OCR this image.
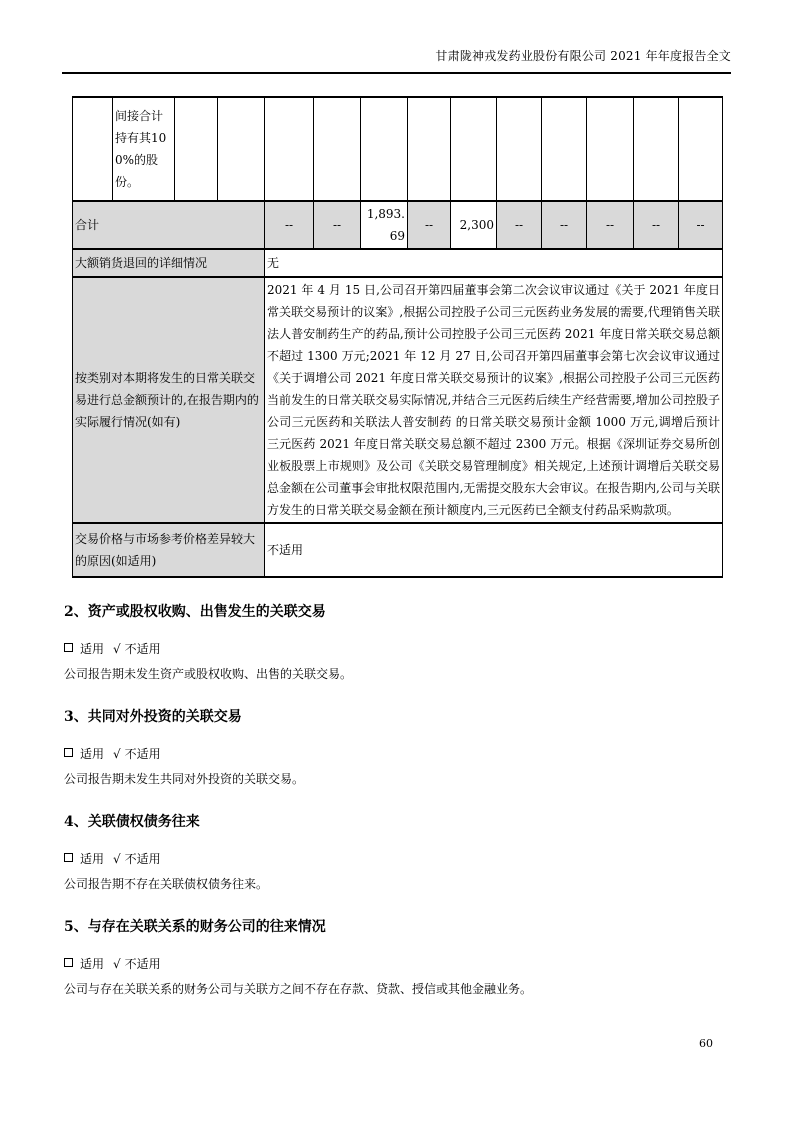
甘肃陇神戎发药业股份有限公司 2021 年年度报告全文
	间接合计持有其100%的股份。												
合计				--	--	1,893.69	--	2,300	--	--	--	--	--
大额销货退回的详细情况				无									
按类别对本期将发生的日常关联交易进行总金额预计的,在报告期内的实际履行情况(如有)				2021 年 4 月 15 日,公司召开第四届董事会第二次会议审议通过《关于 2021 年度日常关联交易预计的议案》,根据公司控股子公司三元医药业务发展的需要,代理销售关联法人普安制药生产的药品,预计公司控股子公司三元医药 2021 年度日常关联交易总额不超过 1300 万元;2021 年 12 月 27 日,公司召开第四届董事会第七次会议审议通过《关于调增公司 2021 年度日常关联交易预计的议案》,根据公司控股子公司三元医药当前发生的日常关联交易实际情况,并结合三元医药后续生产经营需要,增加公司控股子公司三元医药和关联法人普安制药 的日常关联交易预计金额 1000 万元,调增后预计三元医药 2021 年度日常关联交易总额不超过 2300 万元。根据《深圳证券交易所创业板股票上市规则》及公司《关联交易管理制度》相关规定,上述预计调增后关联交易总金额在公司董事会审批权限范围内,无需提交股东大会审议。在报告期内,公司与关联方发生的日常关联交易金额在预计额度内,三元医药已全额支付药品采购款项。									
交易价格与市场参考价格差异较大的原因(如适用)				不适用									
2、资产或股权收购、出售发生的关联交易
适用 √ 不适用
公司报告期未发生资产或股权收购、出售的关联交易。
3、共同对外投资的关联交易
适用 √ 不适用
公司报告期未发生共同对外投资的关联交易。
4、关联债权债务往来
适用 √ 不适用
公司报告期不存在关联债权债务往来。
5、与存在关联关系的财务公司的往来情况
适用 √ 不适用
公司与存在关联关系的财务公司与关联方之间不存在存款、贷款、授信或其他金融业务。
60
